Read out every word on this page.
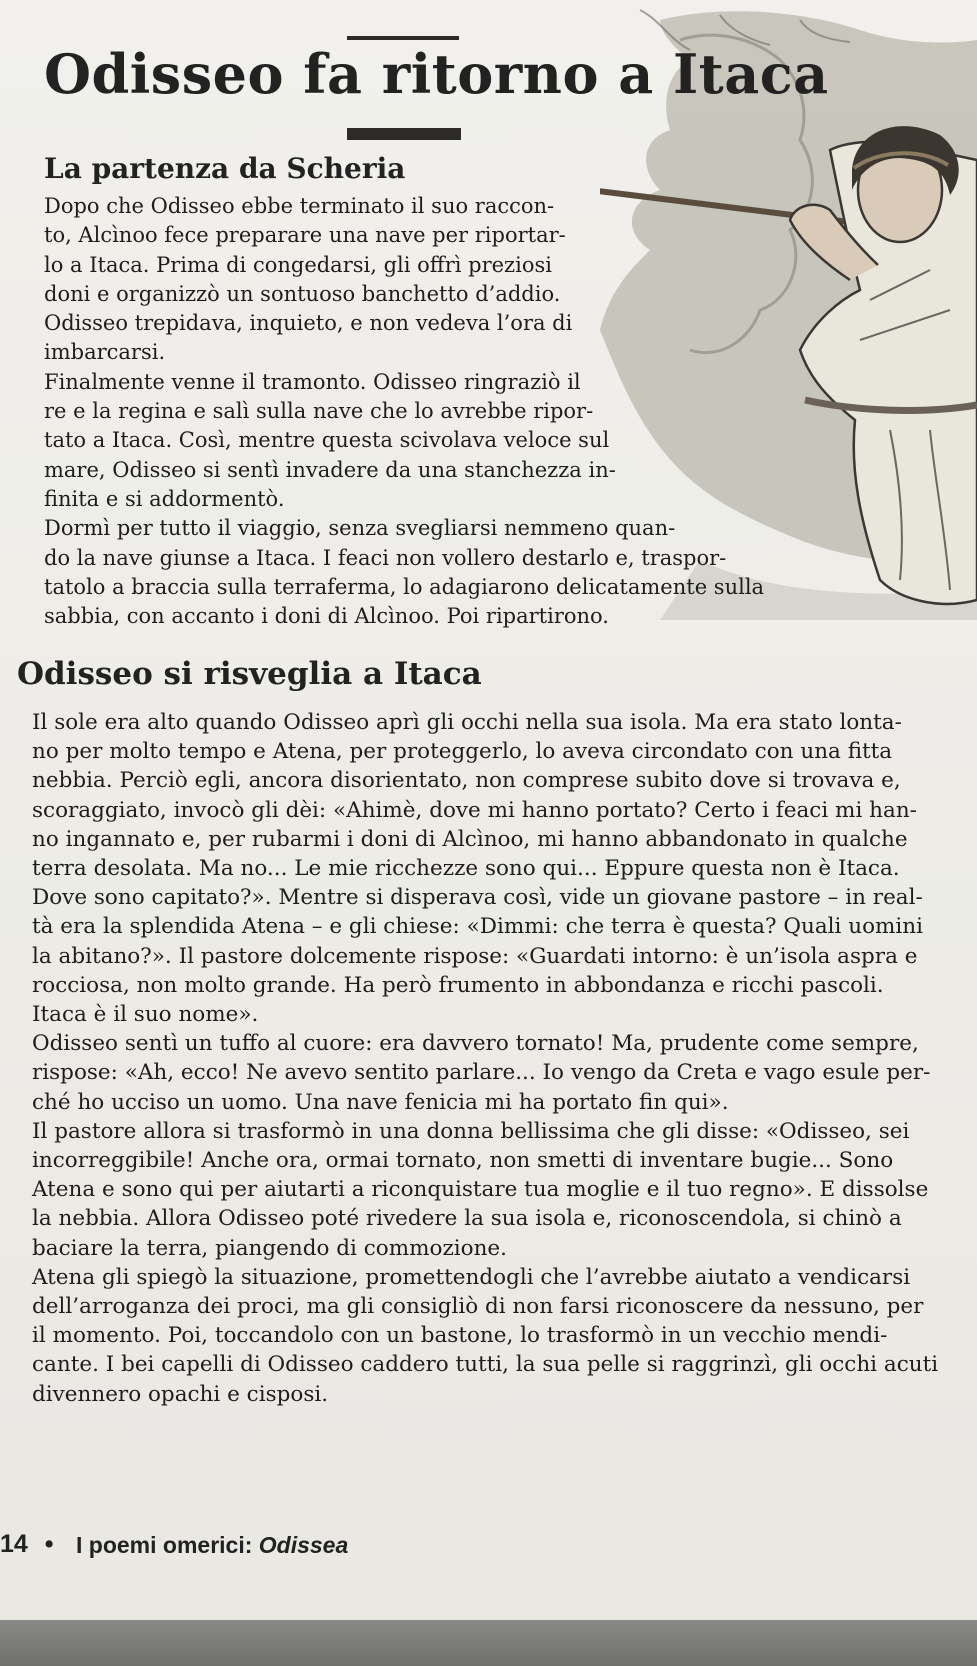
Odisseo fa ritorno a Itaca
La partenza da Scheria
Dopo che Odisseo ebbe terminato il suo raccon-
to, Alcìnoo fece preparare una nave per riportar-
lo a Itaca. Prima di congedarsi, gli offrì preziosi
doni e organizzò un sontuoso banchetto d’addio.
Odisseo trepidava, inquieto, e non vedeva l’ora di
imbarcarsi.
Finalmente venne il tramonto. Odisseo ringraziò il
re e la regina e salì sulla nave che lo avrebbe ripor-
tato a Itaca. Così, mentre questa scivolava veloce sul
mare, Odisseo si sentì invadere da una stanchezza in-
finita e si addormentò.
Dormì per tutto il viaggio, senza svegliarsi nemmeno quan-
do la nave giunse a Itaca. I feaci non vollero destarlo e, traspor-
tatolo a braccia sulla terraferma, lo adagiarono delicatamente sulla
sabbia, con accanto i doni di Alcìnoo. Poi ripartirono.
Odisseo si risveglia a Itaca
Il sole era alto quando Odisseo aprì gli occhi nella sua isola. Ma era stato lonta-
no per molto tempo e Atena, per proteggerlo, lo aveva circondato con una fitta
nebbia. Perciò egli, ancora disorientato, non comprese subito dove si trovava e,
scoraggiato, invocò gli dèi: «Ahimè, dove mi hanno portato? Certo i feaci mi han-
no ingannato e, per rubarmi i doni di Alcìnoo, mi hanno abbandonato in qualche
terra desolata. Ma no... Le mie ricchezze sono qui... Eppure questa non è Itaca.
Dove sono capitato?». Mentre si disperava così, vide un giovane pastore – in real-
tà era la splendida Atena – e gli chiese: «Dimmi: che terra è questa? Quali uomini
la abitano?». Il pastore dolcemente rispose: «Guardati intorno: è un’isola aspra e
rocciosa, non molto grande. Ha però frumento in abbondanza e ricchi pascoli.
Itaca è il suo nome».
Odisseo sentì un tuffo al cuore: era davvero tornato! Ma, prudente come sempre,
rispose: «Ah, ecco! Ne avevo sentito parlare... Io vengo da Creta e vago esule per-
ché ho ucciso un uomo. Una nave fenicia mi ha portato fin qui».
Il pastore allora si trasformò in una donna bellissima che gli disse: «Odisseo, sei
incorreggibile! Anche ora, ormai tornato, non smetti di inventare bugie... Sono
Atena e sono qui per aiutarti a riconquistare tua moglie e il tuo regno». E dissolse
la nebbia. Allora Odisseo poté rivedere la sua isola e, riconoscendola, si chinò a
baciare la terra, piangendo di commozione.
Atena gli spiegò la situazione, promettendogli che l’avrebbe aiutato a vendicarsi
dell’arroganza dei proci, ma gli consigliò di non farsi riconoscere da nessuno, per
il momento. Poi, toccandolo con un bastone, lo trasformò in un vecchio mendi-
cante. I bei capelli di Odisseo caddero tutti, la sua pelle si raggrinzì, gli occhi acuti
divennero opachi e cisposi.
14 • I poemi omerici: Odissea
